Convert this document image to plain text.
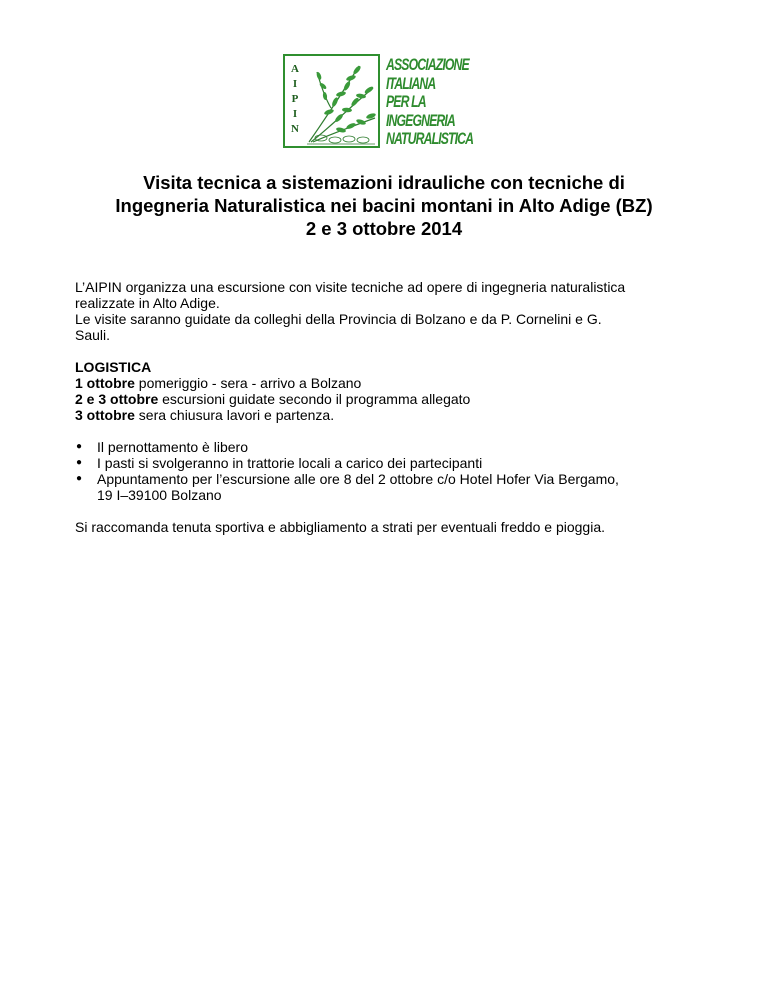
A
I
P
I
N
ASSOCIAZIONE
ITALIANA
PER LA
INGEGNERIA
NATURALISTICA
Visita tecnica a sistemazioni idrauliche con tecniche di
Ingegneria Naturalistica nei bacini montani in Alto Adige (BZ)
2 e 3 ottobre 2014

L’AIPIN organizza una escursione con visite tecniche ad opere di ingegneria naturalistica

realizzate in Alto Adige.

Le visite saranno guidate da colleghi della Provincia di Bolzano e da P. Cornelini e G.

Sauli.

LOGISTICA

1 ottobre pomeriggio - sera - arrivo a Bolzano

2 e 3 ottobre escursioni guidate secondo il programma allegato

3 ottobre sera chiusura lavori e partenza.

● Il pernottamento è libero
● I pasti si svolgeranno in trattorie locali a carico dei partecipanti
● Appuntamento per l’escursione alle ore 8 del 2 ottobre c/o Hotel Hofer Via Bergamo,
19 I–39100 Bolzano

Si raccomanda tenuta sportiva e abbigliamento a strati per eventuali freddo e pioggia.
